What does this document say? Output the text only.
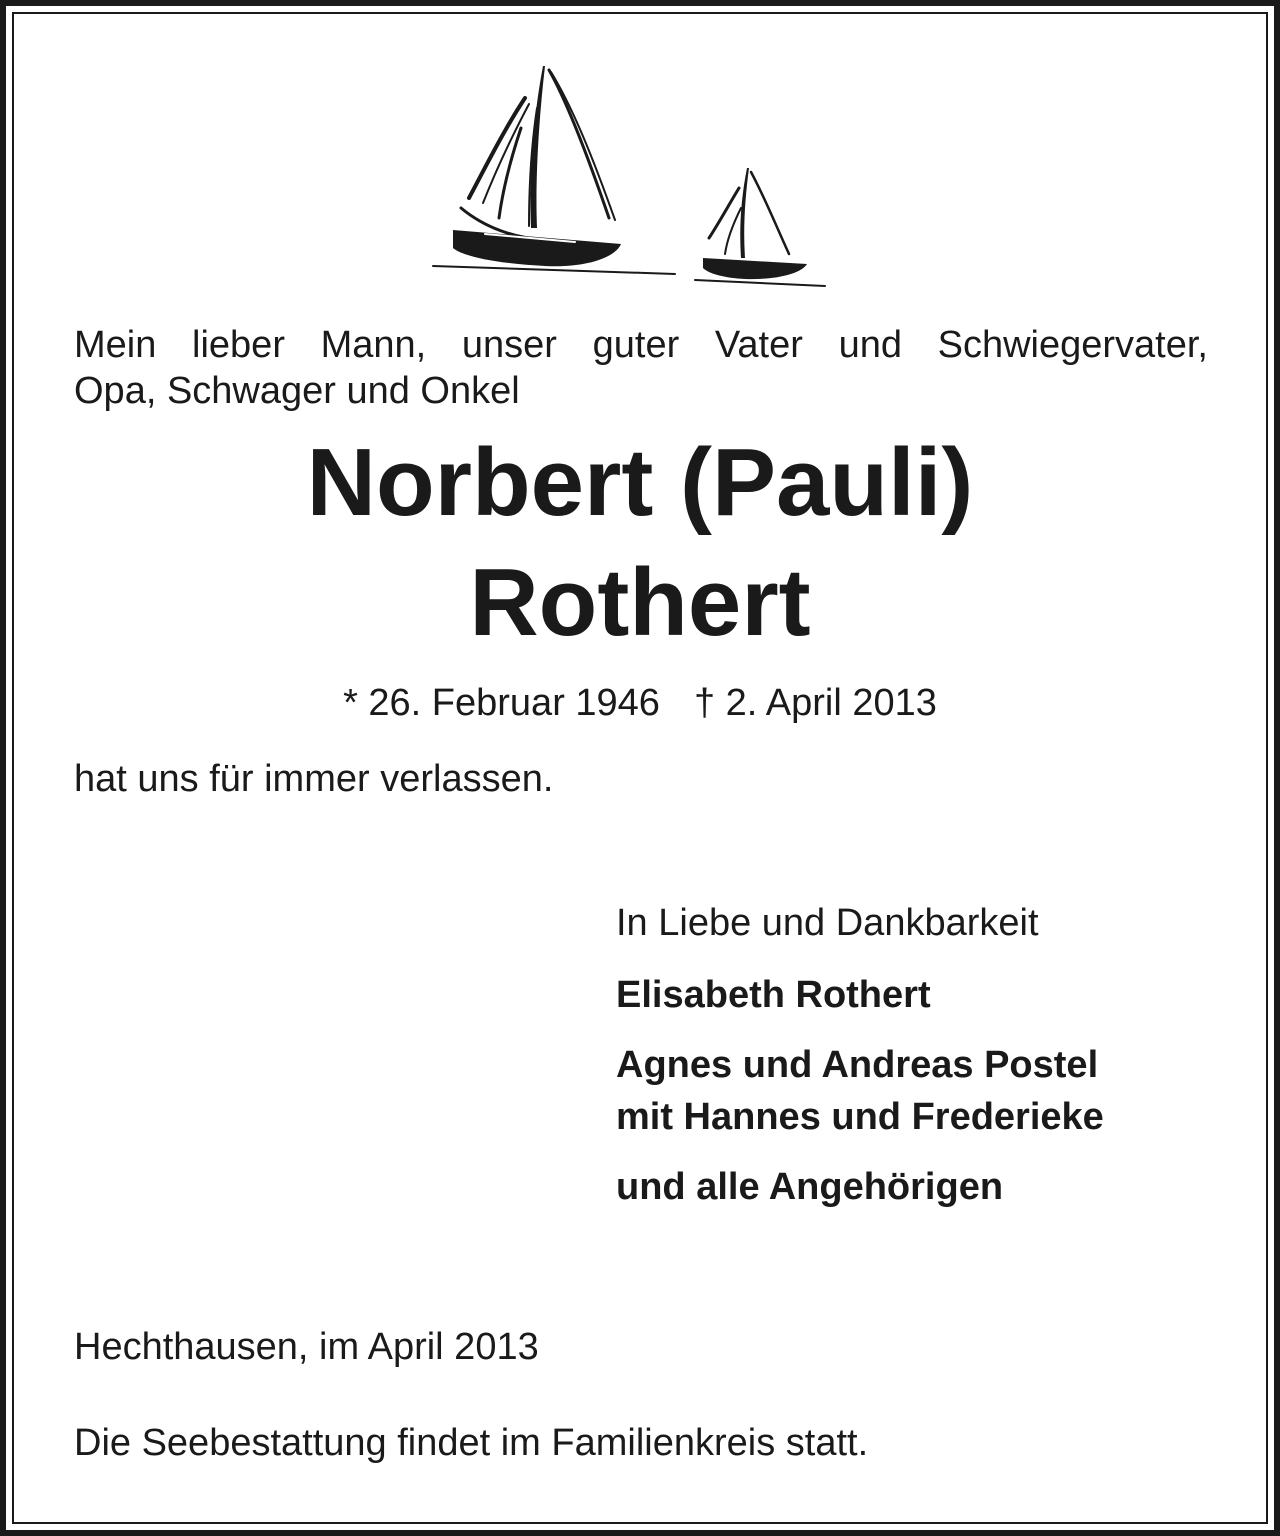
Mein lieber Mann, unser guter Vater und Schwiegervater,
Opa, Schwager und Onkel
Norbert (Pauli)
Rothert
* 26. Februar 1946 † 2. April 2013
hat uns für immer verlassen.
In Liebe und Dankbarkeit
Elisabeth Rothert
Agnes und Andreas Postel
mit Hannes und Frederieke
und alle Angehörigen
Hechthausen, im April 2013
Die Seebestattung findet im Familienkreis statt.
